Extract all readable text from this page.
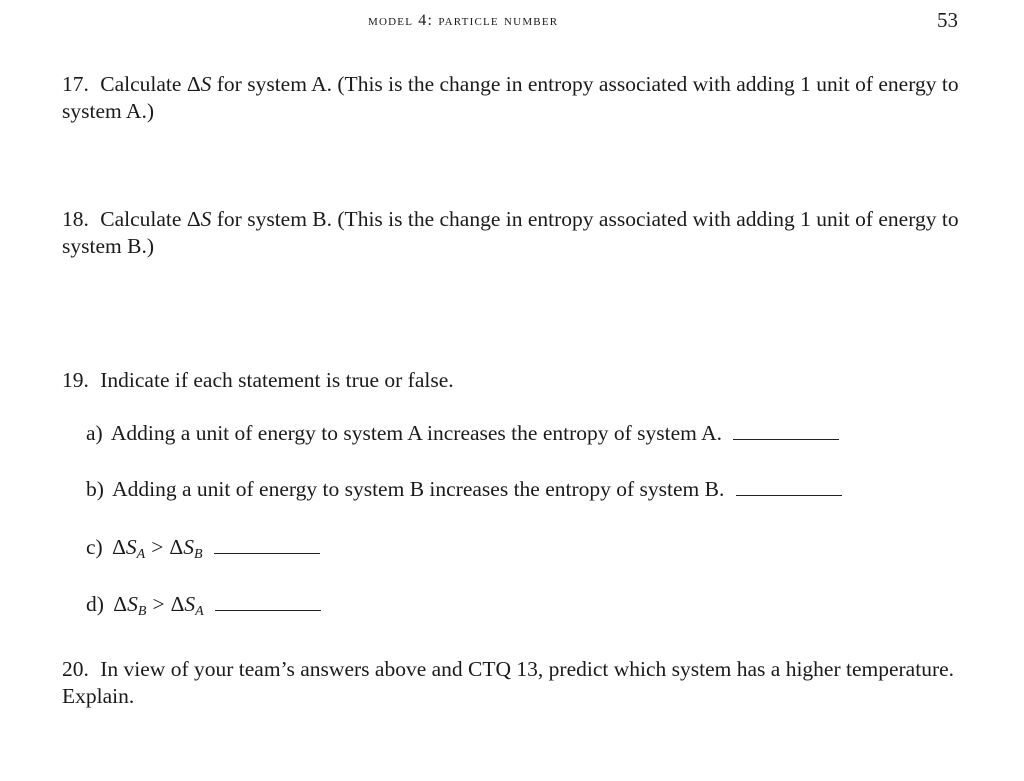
model 4: particle number	53
17. Calculate ΔS for system A. (This is the change in entropy associated with adding 1 unit of energy to system A.)
18. Calculate ΔS for system B. (This is the change in entropy associated with adding 1 unit of energy to system B.)
19. Indicate if each statement is true or false.
a) Adding a unit of energy to system A increases the entropy of system A.
b) Adding a unit of energy to system B increases the entropy of system B.
c) $\Delta S_A > \Delta S_B$
d) $\Delta S_B > \Delta S_A$
20. In view of your team’s answers above and CTQ 13, predict which system has a higher temperature. Explain.
